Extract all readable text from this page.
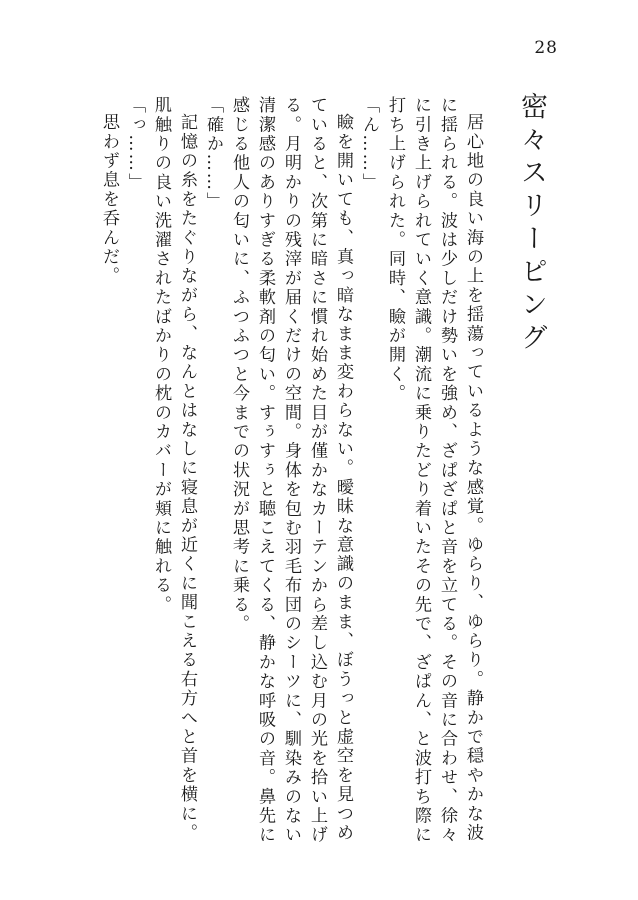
28
密々スリーピング

居心地の良い海の上を揺蕩っているような感覚。ゆらり、ゆらり。静かで穏やかな波に揺られる。波は少しだけ勢いを強め、ざぱざぱと音を立てる。その音に合わせ、徐々に引き上げられていく意識。潮流に乗りたどり着いたその先で、ざぱん、と波打ち際に打ち上げられた。同時、瞼が開く。

「ん……」

瞼を開いても、真っ暗なまま変わらない。曖昧な意識のまま、ぼうっと虚空を見つめていると、次第に暗さに慣れ始めた目が僅かなカーテンから差し込む月の光を拾い上げる。月明かりの残滓が届くだけの空間。身体を包む羽毛布団のシーツに、馴染みのない清潔感のありすぎる柔軟剤の匂い。すぅすぅと聴こえてくる、静かな呼吸の音。鼻先に感じる他人の匂いに、ふつふつと今までの状況が思考に乗る。

「確か……」

記憶の糸をたぐりながら、なんとはなしに寝息が近くに聞こえる右方へと首を横に。肌触りの良い洗濯されたばかりの枕のカバーが頬に触れる。

「っ……」

思わず息を呑んだ。
